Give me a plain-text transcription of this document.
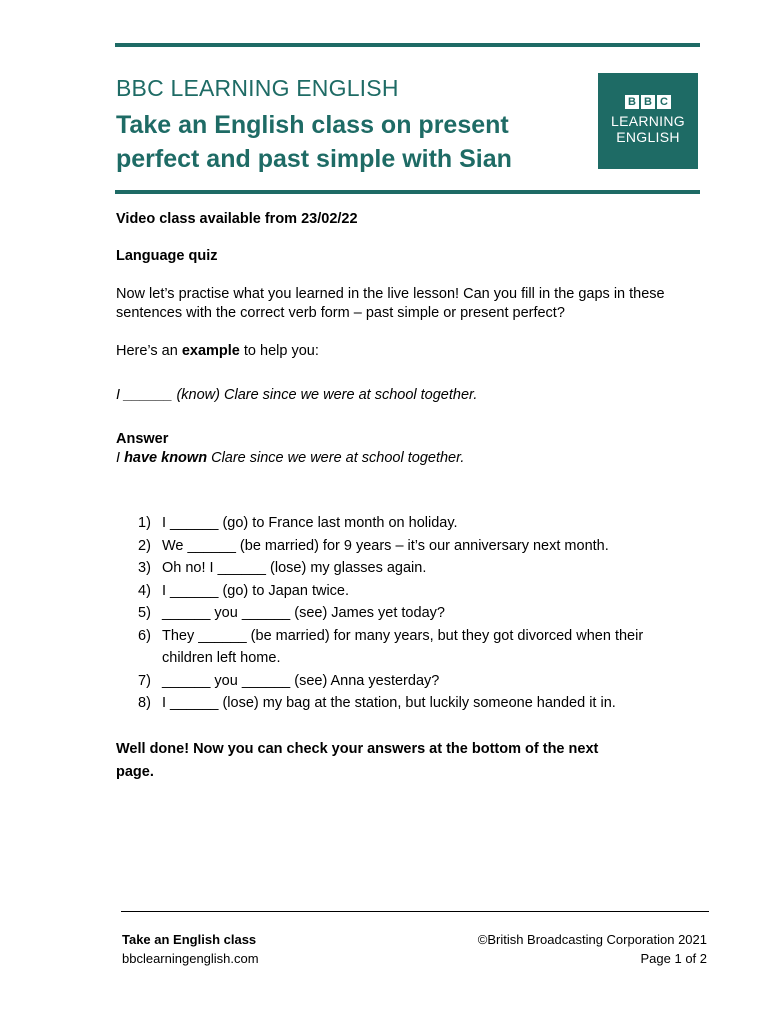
BBC LEARNING ENGLISH
Take an English class on present perfect and past simple with Sian
B B C
LEARNING
ENGLISH

Video class available from 23/02/22

Language quiz

Now let’s practise what you learned in the live lesson! Can you fill in the gaps in these sentences with the correct verb form – past simple or present perfect?

Here’s an example to help you:

I ______ (know) Clare since we were at school together.

Answer

I have known Clare since we were at school together.

1) I ______ (go) to France last month on holiday.
2) We ______ (be married) for 9 years – it’s our anniversary next month.
3) Oh no! I ______ (lose) my glasses again.
4) I ______ (go) to Japan twice.
5) ______ you ______ (see) James yet today?
6) They ______ (be married) for many years, but they got divorced when their children left home.
7) ______ you ______ (see) Anna yesterday?
8) I ______ (lose) my bag at the station, but luckily someone handed it in.

Well done! Now you can check your answers at the bottom of the next page.

Take an English class
bbclearningenglish.com
©British Broadcasting Corporation 2021
Page 1 of 2
